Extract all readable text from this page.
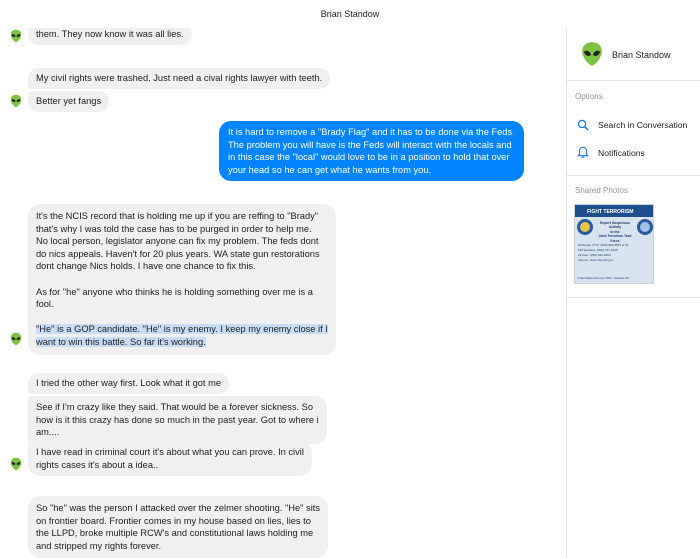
Brian Standow
them. They now know it was all lies.
My civil rights were trashed. Just need a cival rights lawyer with teeth.
Better yet fangs
It is hard to remove a "Brady Flag" and it has to be done via the Feds.
The problem you will have is the Feds will interact with the locals and
in this case the "local" would love to be in a position to hold that over
your head so he can get what he wants from you.
It's the NCIS record that is holding me up if you are reffing to "Brady"
that's why I was told the case has to be purged in order to help me.
No local person, legislator anyone can fix my problem. The feds dont
do nics appeals. Haven't for 20 plus years. WA state gun restorations
dont change Nics holds. I have one chance to fix this.
As for "he" anyone who thinks he is holding something over me is a
fool.
"He" is a GOP candidate. "He" is my enemy. I keep my enemy close if I
want to win this battle. So far it's working.
I tried the other way first. Look what it got me
See if I'm crazy like they said. That would be a forever sickness. So
how is it this crazy has done so much in the past year. Got to where i
am....
I have read in criminal court it's about what you can prove. In civil
rights cases it's about a idea..
So "he" was the person I attacked over the zelmer shooting. "He" sits
on frontier board. Frontier comes in my house based on lies, lies to
the LLPD, broke multiple RCW's and constitutional laws holding me
and stripped my rights forever.
Brian Standow
Options
Search in Conversation
Notifications
Shared Photos
FIGHT TERRORISM
Report Suspicious Activity
to the
Joint Terrorism Task Force
Northeast JTTF: (509) 892-8545 or (8
FBI Spokane: (509) 747-5195
24-hour: (206) 622-0460
Internet: https://tips.fbi.gov
United States Attorney's Office - Spokane Div
